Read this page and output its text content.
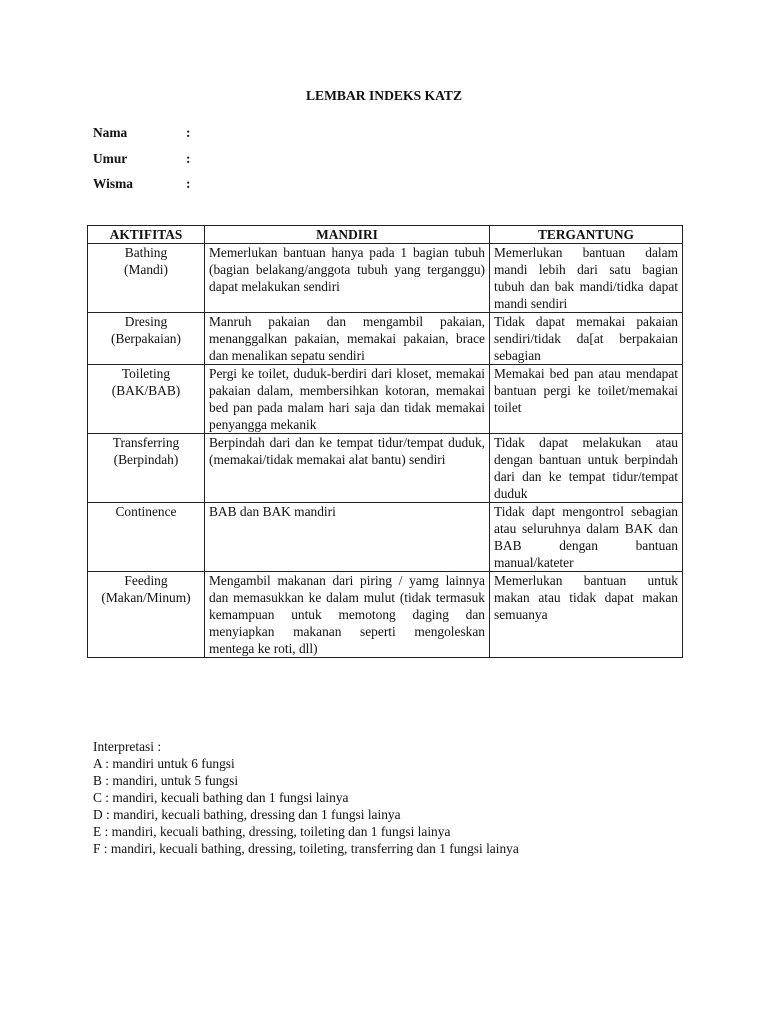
LEMBAR INDEKS KATZ
Nama	:
Umur	:
Wisma	:
AKTIFITAS	MANDIRI	TERGANTUNG

Bathing
(Mandi)	Memerlukan bantuan hanya pada 1 bagian tubuh (bagian belakang/anggota tubuh yang terganggu) dapat melakukan sendiri	Memerlukan bantuan dalam mandi lebih dari satu bagian tubuh dan bak mandi/tidka dapat mandi sendiri

Dresing
(Berpakaian)	Manruh pakaian dan mengambil pakaian, menanggalkan pakaian, memakai pakaian, brace dan menalikan sepatu sendiri	Tidak dapat memakai pakaian sendiri/tidak da[at berpakaian sebagian

Toileting
(BAK/BAB)	Pergi ke toilet, duduk-berdiri dari kloset, memakai pakaian dalam, membersihkan kotoran, memakai bed pan pada malam hari saja dan tidak memakai penyangga mekanik	Memakai bed pan atau mendapat bantuan pergi ke toilet/memakai toilet

Transferring
(Berpindah)	Berpindah dari dan ke tempat tidur/tempat duduk, (memakai/tidak memakai alat bantu) sendiri	Tidak dapat melakukan atau dengan bantuan untuk berpindah dari dan ke tempat tidur/tempat duduk

Continence	BAB dan BAK mandiri	Tidak dapt mengontrol sebagian atau seluruhnya dalam BAK dan BAB dengan bantuan manual/kateter

Feeding
(Makan/Minum)	Mengambil makanan dari piring / yamg lainnya dan memasukkan ke dalam mulut (tidak termasuk kemampuan untuk memotong daging dan menyiapkan makanan seperti mengoleskan mentega ke roti, dll)	Memerlukan bantuan untuk makan atau tidak dapat makan semuanya
Interpretasi :
A : mandiri untuk 6 fungsi
B : mandiri, untuk 5 fungsi
C : mandiri, kecuali bathing dan 1 fungsi lainya
D : mandiri, kecuali bathing, dressing dan 1 fungsi lainya
E : mandiri, kecuali bathing, dressing, toileting dan 1 fungsi lainya
F : mandiri, kecuali bathing, dressing, toileting, transferring dan 1 fungsi lainya
